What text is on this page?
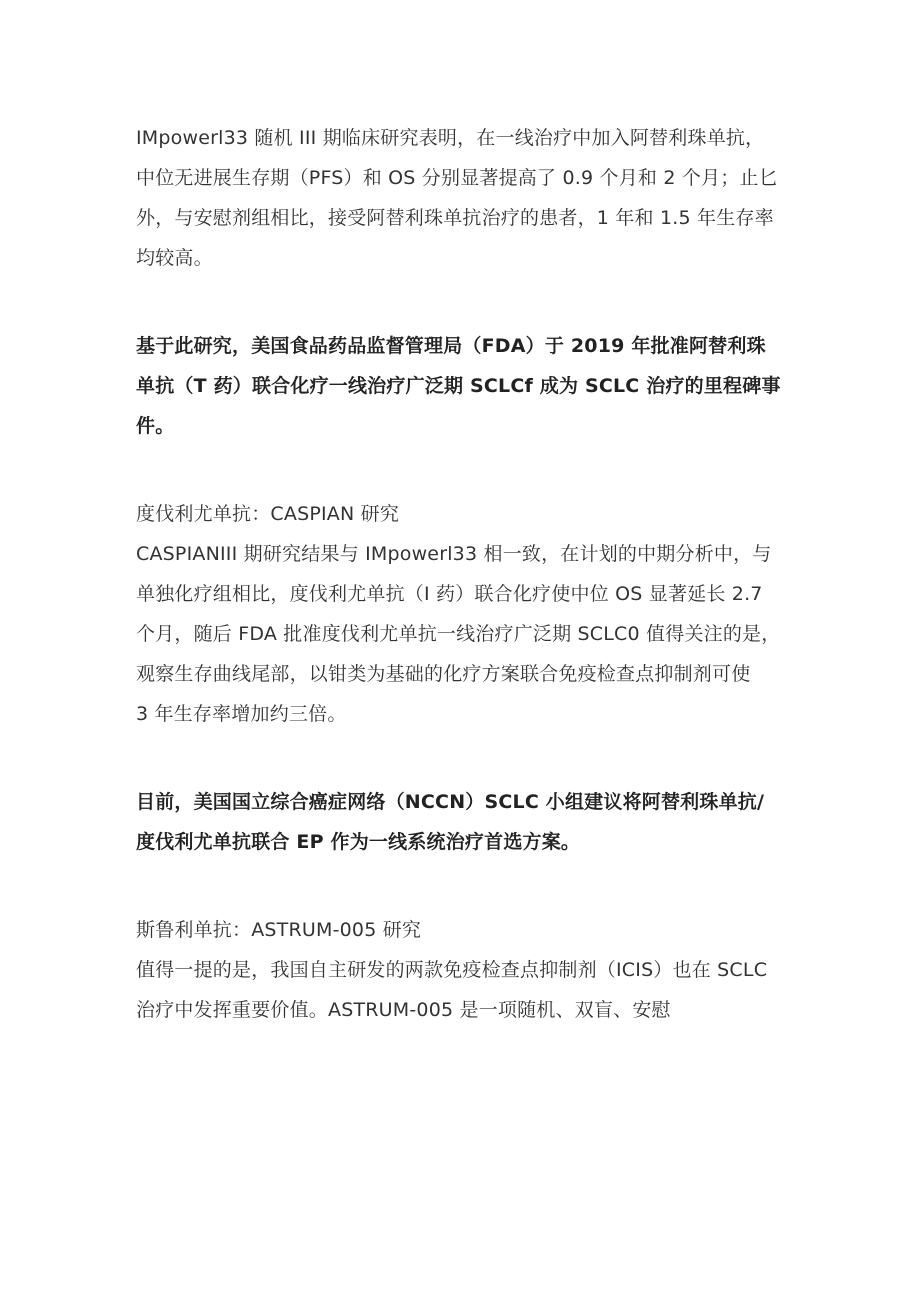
IMpowerl33 随机 III 期临床研究表明，在一线治疗中加入阿替利珠单抗，
中位无进展生存期（PFS）和 OS 分别显著提高了 0.9 个月和 2 个月；止匕
外，与安慰剂组相比，接受阿替利珠单抗治疗的患者，1 年和 1.5 年生存率
均较高。

基于此研究，美国食品药品监督管理局（FDA）于 2019 年批准阿替利珠
单抗（T 药）联合化疗一线治疗广泛期 SCLCf 成为 SCLC 治疗的里程碑事
件。

度伐利尤单抗：CASPIAN 研究
CASPIANIII 期研究结果与 IMpowerl33 相一致，在计划的中期分析中，与
单独化疗组相比，度伐利尤单抗（I 药）联合化疗使中位 OS 显著延长 2.7
个月，随后 FDA 批准度伐利尤单抗一线治疗广泛期 SCLC0 值得关注的是，
观察生存曲线尾部，以钳类为基础的化疗方案联合免疫检查点抑制剂可使
3 年生存率增加约三倍。

目前，美国国立综合癌症网络（NCCN）SCLC 小组建议将阿替利珠单抗/
度伐利尤单抗联合 EP 作为一线系统治疗首选方案。

斯鲁利单抗：ASTRUM-005 研究
值得一提的是，我国自主研发的两款免疫检查点抑制剂（ICIS）也在 SCLC
治疗中发挥重要价值。ASTRUM-005 是一项随机、双盲、安慰
